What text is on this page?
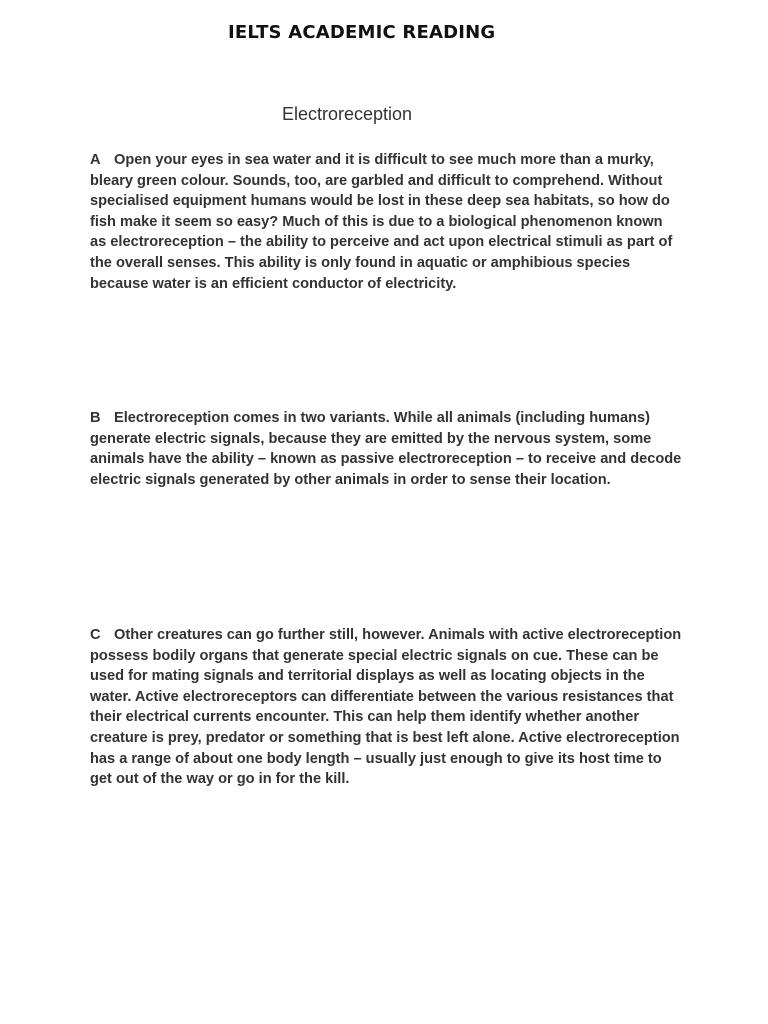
IELTS ACADEMIC READING
Electroreception

A Open your eyes in sea water and it is difficult to see much more than a murky, bleary green colour. Sounds, too, are garbled and difficult to comprehend. Without specialised equipment humans would be lost in these deep sea habitats, so how do fish make it seem so easy? Much of this is due to a biological phenomenon known as electroreception – the ability to perceive and act upon electrical stimuli as part of the overall senses. This ability is only found in aquatic or amphibious species because water is an efficient conductor of electricity.

B Electroreception comes in two variants. While all animals (including humans) generate electric signals, because they are emitted by the nervous system, some animals have the ability – known as passive electroreception – to receive and decode electric signals generated by other animals in order to sense their location.

C Other creatures can go further still, however. Animals with active electroreception possess bodily organs that generate special electric signals on cue. These can be used for mating signals and territorial displays as well as locating objects in the water. Active electroreceptors can differentiate between the various resistances that their electrical currents encounter. This can help them identify whether another creature is prey, predator or something that is best left alone. Active electroreception has a range of about one body length – usually just enough to give its host time to get out of the way or go in for the kill.
